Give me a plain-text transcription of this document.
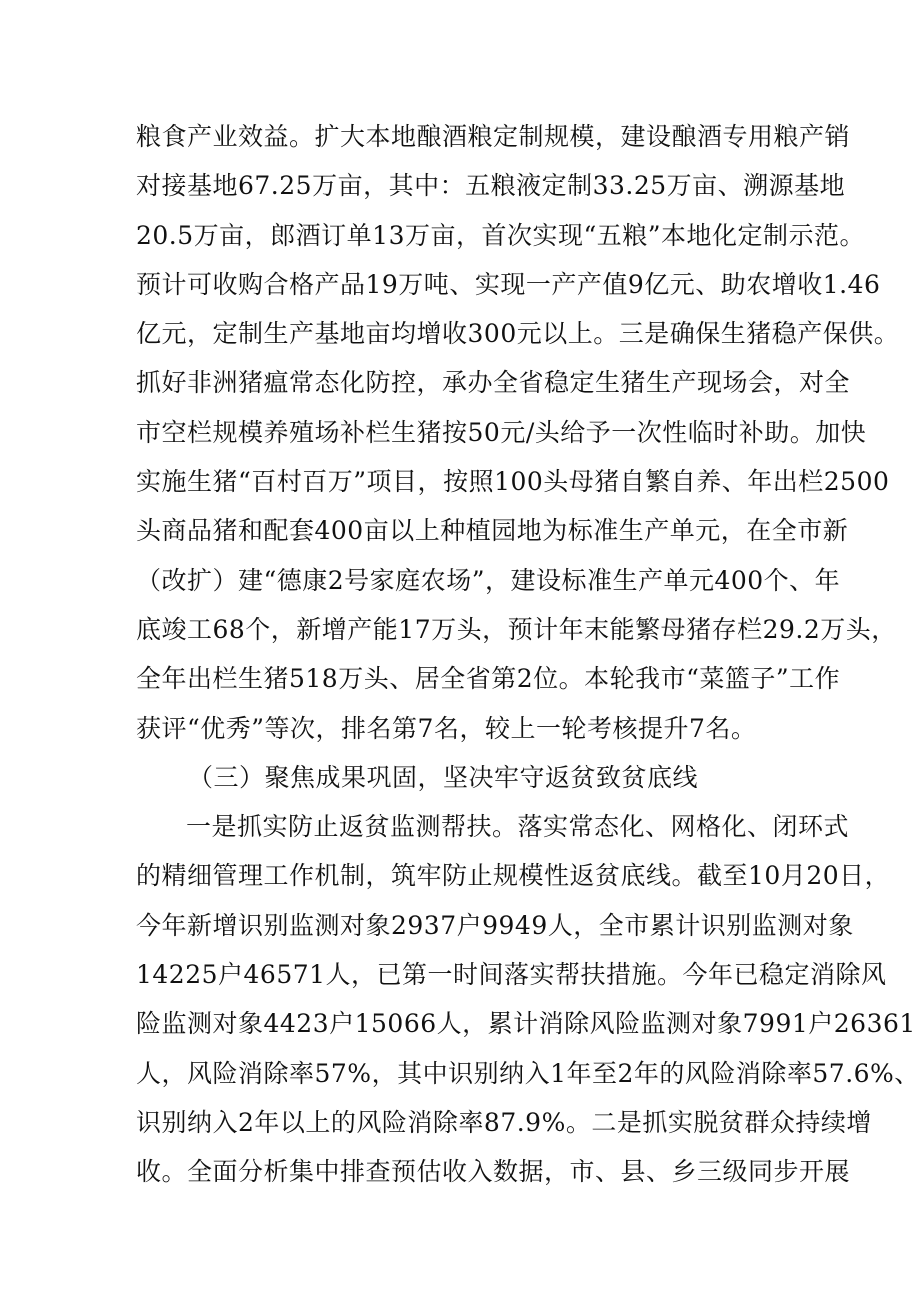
粮食产业效益。扩大本地酿酒粮定制规模，建设酿酒专用粮产销
对接基地67.25万亩，其中：五粮液定制33.25万亩、溯源基地
20.5万亩，郎酒订单13万亩，首次实现“五粮”本地化定制示范。
预计可收购合格产品19万吨、实现一产产值9亿元、助农增收1.46
亿元，定制生产基地亩均增收300元以上。三是确保生猪稳产保供。
抓好非洲猪瘟常态化防控，承办全省稳定生猪生产现场会，对全
市空栏规模养殖场补栏生猪按50元/头给予一次性临时补助。加快
实施生猪“百村百万”项目，按照100头母猪自繁自养、年出栏2500
头商品猪和配套400亩以上种植园地为标准生产单元，在全市新
（改扩）建“德康2号家庭农场”，建设标准生产单元400个、年
底竣工68个，新增产能17万头，预计年末能繁母猪存栏29.2万头，
全年出栏生猪518万头、居全省第2位。本轮我市“菜篮子”工作
获评“优秀”等次，排名第7名，较上一轮考核提升7名。
（三）聚焦成果巩固，坚决牢守返贫致贫底线
一是抓实防止返贫监测帮扶。落实常态化、网格化、闭环式
的精细管理工作机制，筑牢防止规模性返贫底线。截至10月20日，
今年新增识别监测对象2937户9949人，全市累计识别监测对象
14225户46571人，已第一时间落实帮扶措施。今年已稳定消除风
险监测对象4423户15066人，累计消除风险监测对象7991户26361
人，风险消除率57%，其中识别纳入1年至2年的风险消除率57.6%、
识别纳入2年以上的风险消除率87.9%。二是抓实脱贫群众持续增
收。全面分析集中排查预估收入数据，市、县、乡三级同步开展
